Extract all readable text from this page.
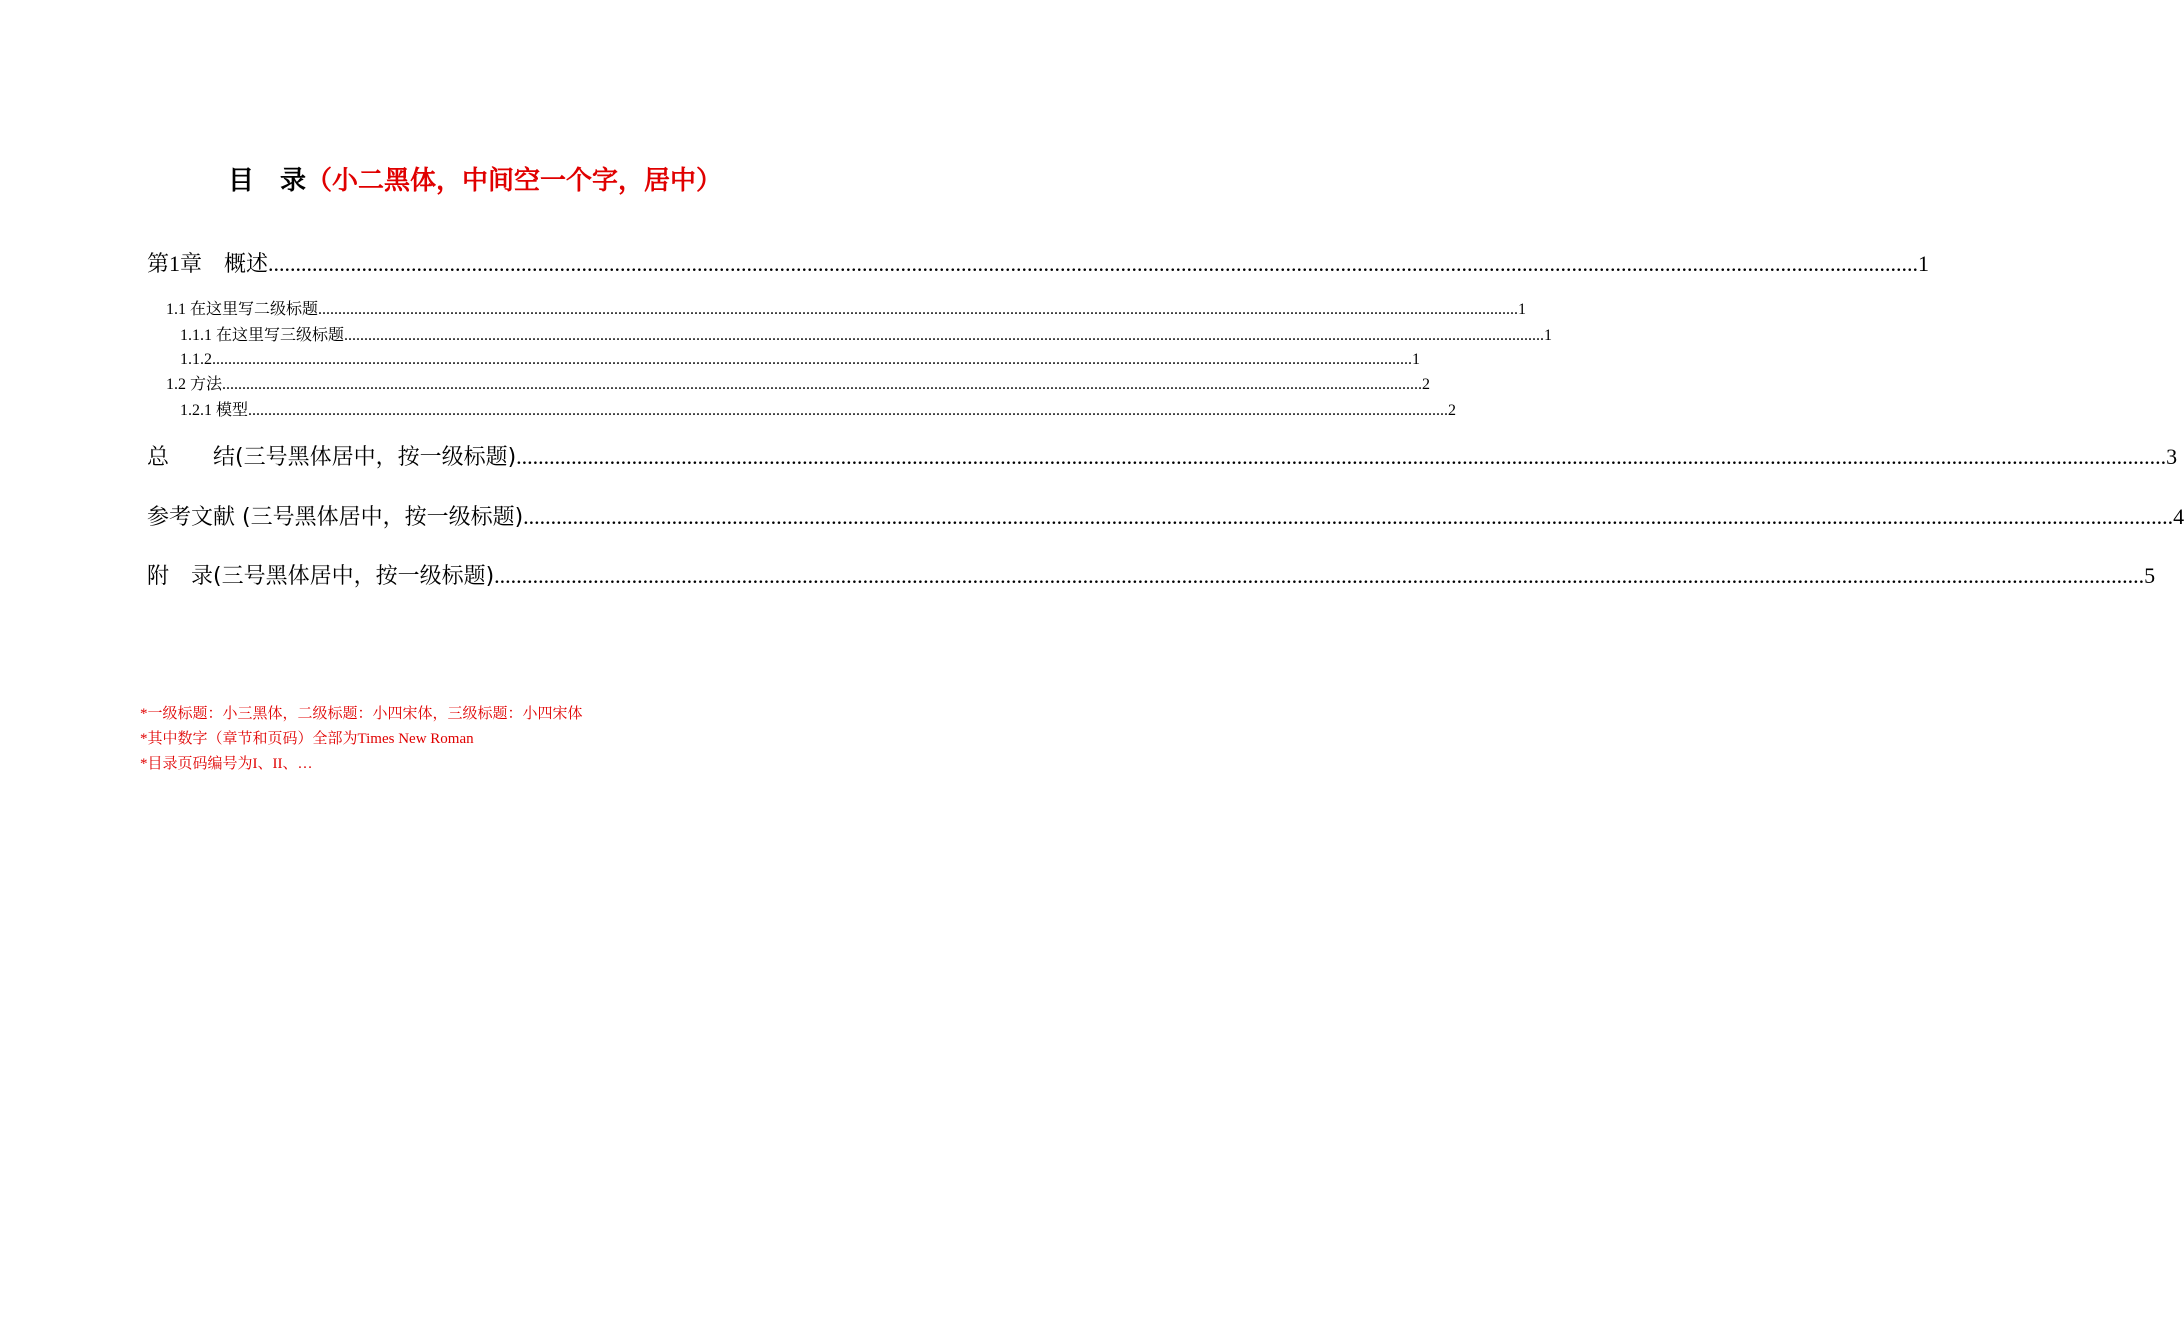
目　录（小二黑体，中间空一个字，居中）
第1章　概述 ............................................................................................................................................................................................................................................................................................................ 1
1.1 在这里写二级标题 ............................................................................................................................................................................................................................................................................................................ 1
1.1.1 在这里写三级标题 ............................................................................................................................................................................................................................................................................................................ 1
1.1.2 ............................................................................................................................................................................................................................................................................................................ 1
1.2 方法 ............................................................................................................................................................................................................................................................................................................ 2
1.2.1 模型 ............................................................................................................................................................................................................................................................................................................ 2
总　　结(三号黑体居中，按一级标题) ............................................................................................................................................................................................................................................................................................................ 3
参考文献 (三号黑体居中，按一级标题) ............................................................................................................................................................................................................................................................................................................ 4
附　录(三号黑体居中，按一级标题) ............................................................................................................................................................................................................................................................................................................ 5
*一级标题：小三黑体，二级标题：小四宋体，三级标题：小四宋体
*其中数字（章节和页码）全部为Times New Roman
*目录页码编号为I、II、…
